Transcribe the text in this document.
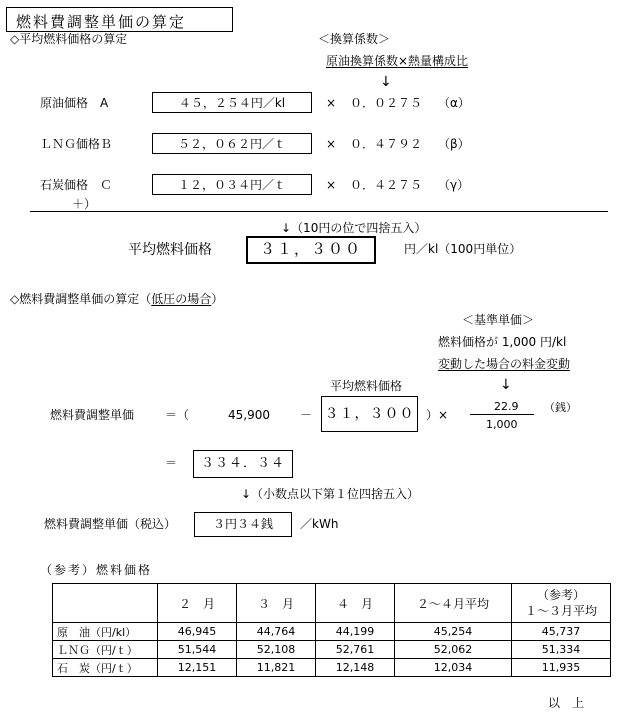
燃料費調整単価の算定
◇平均燃料価格の算定	＜換算係数＞
原油換算係数×熱量構成比
↓
原油価格　A	４５，２５４円／kl	× ０．０２７５ （α）
ＬＮＧ価格Ｂ	５２，０６２円／ｔ	× ０．４７９２ （β）
石炭価格　Ｃ	１２，０３４円／ｔ	× ０．４２７５ （γ）
＋）
↓（10円の位で四捨五入）
平均燃料価格	３１，３００	円／kl（100円単位）
◇燃料費調整単価の算定（低圧の場合）
＜基準単価＞
燃料価格が 1,000 円/kl
変動した場合の料金変動
↓
平均燃料価格
燃料費調整単価	＝（	45,900	－ ３１，３００ ）×
22.9
1,000
（銭）
＝	３３４．３４
↓（小数点以下第１位四捨五入）
燃料費調整単価（税込）	３円３４銭	／kWh
（参考）燃料価格
	２　月	３　月	４　月	２～４月平均	（参考）
１～３月平均
原　油（円/kl）	46,945	44,764	44,199	45,254	45,737
ＬＮＧ（円/ｔ）	51,544	52,108	52,761	52,062	51,334
石　炭（円/ｔ）	12,151	11,821	12,148	12,034	11,935
以　上
